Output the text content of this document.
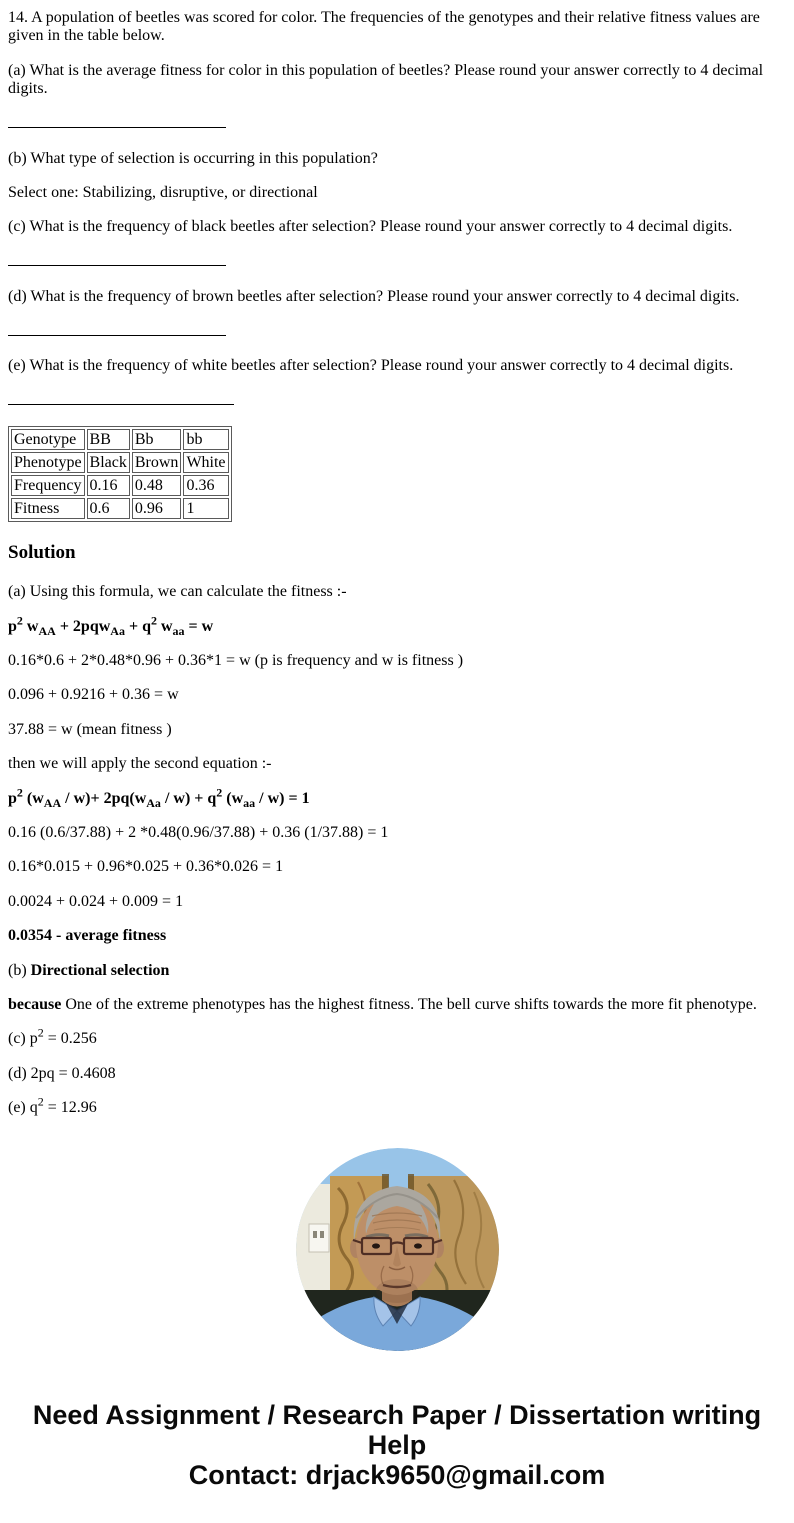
14. A population of beetles was scored for color. The frequencies of the genotypes and their relative fitness values are given in the table below.

(a) What is the average fitness for color in this population of beetles? Please round your answer correctly to 4 decimal digits.

(b) What type of selection is occurring in this population?

Select one: Stabilizing, disruptive, or directional

(c) What is the frequency of black beetles after selection? Please round your answer correctly to 4 decimal digits.

(d) What is the frequency of brown beetles after selection? Please round your answer correctly to 4 decimal digits.

(e) What is the frequency of white beetles after selection? Please round your answer correctly to 4 decimal digits.

Genotype	BB	Bb	bb
Phenotype	Black	Brown	White
Frequency	0.16	0.48	0.36
Fitness	0.6	0.96	1
Solution

(a) Using this formula, we can calculate the fitness :-

$p^2$ $w_{AA} + 2pqw_{Aa} + q^2$ $w_{aa} = w$

0.16*0.6 + 2*0.48*0.96 + 0.36*1 = w (p is frequency and w is fitness )

0.096 + 0.9216 + 0.36 = w

37.88 = w (mean fitness )

then we will apply the second equation :-

$p^2$ $(w_{AA} / w)+ 2pq(w_{Aa} / w) + q^2$ $(w_{aa} / w) = 1$

0.16 (0.6/37.88) + 2 *0.48(0.96/37.88) + 0.36 (1/37.88) = 1

0.16*0.015 + 0.96*0.025 + 0.36*0.026 = 1

0.0024 + 0.024 + 0.009 = 1

0.0354 - average fitness

(b) Directional selection

because One of the extreme phenotypes has the highest fitness. The bell curve shifts towards the more fit phenotype.

(c) $p^2 = 0.256$

(d) 2pq = 0.4608

(e) $q^2 = 12.96$

Need Assignment / Research Paper / Dissertation writing Help
Contact: drjack9650@gmail.com
